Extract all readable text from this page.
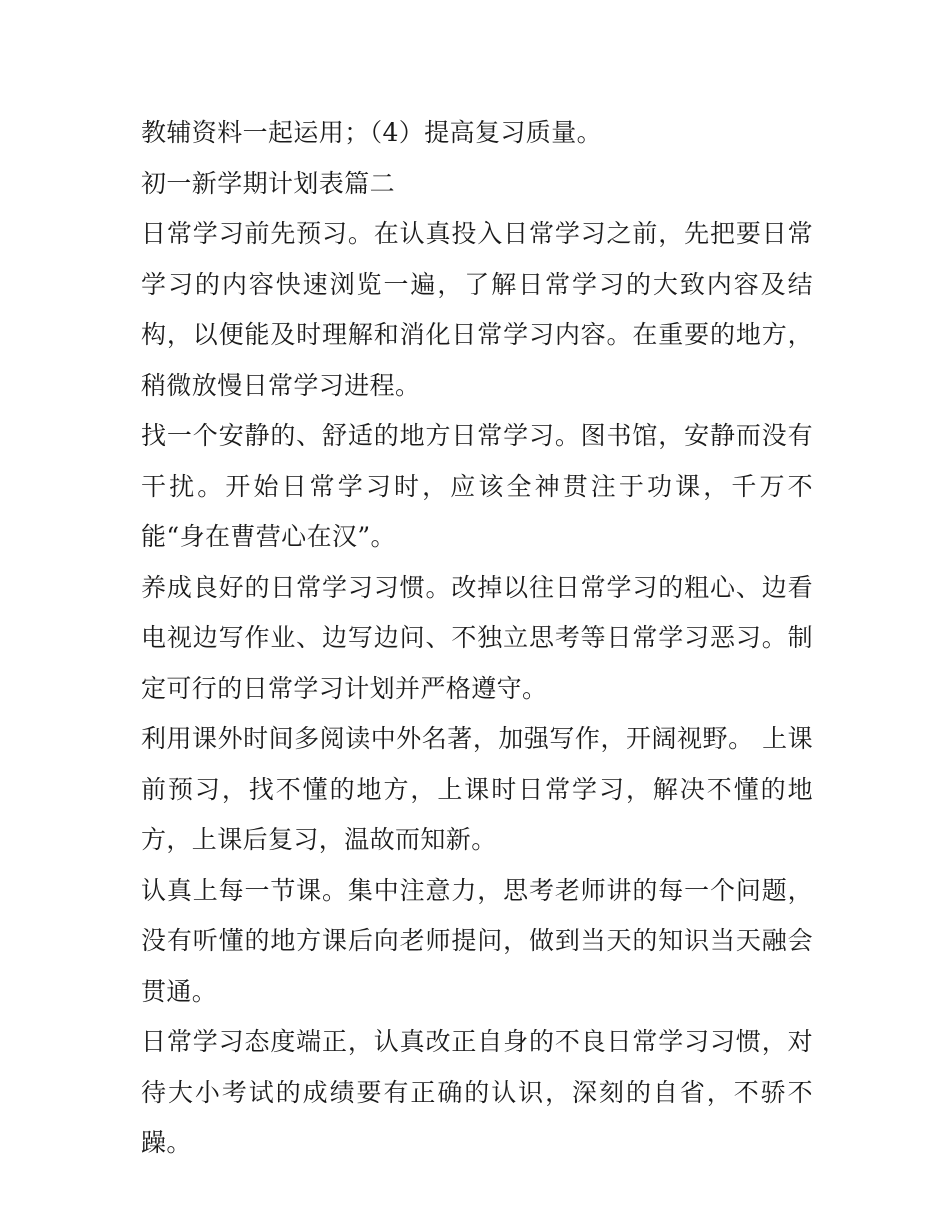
教辅资料一起运用；（4）提高复习质量。

初一新学期计划表篇二

日常学习前先预习。在认真投入日常学习之前，先把要日常学习的内容快速浏览一遍，了解日常学习的大致内容及结构，以便能及时理解和消化日常学习内容。在重要的地方，稍微放慢日常学习进程。

找一个安静的、舒适的地方日常学习。图书馆，安静而没有干扰。开始日常学习时，应该全神贯注于功课，千万不能“身在曹营心在汉”。

养成良好的日常学习习惯。改掉以往日常学习的粗心、边看电视边写作业、边写边问、不独立思考等日常学习恶习。制定可行的日常学习计划并严格遵守。

利用课外时间多阅读中外名著，加强写作，开阔视野。 上课前预习，找不懂的地方，上课时日常学习，解决不懂的地方，上课后复习，温故而知新。

认真上每一节课。集中注意力，思考老师讲的每一个问题，没有听懂的地方课后向老师提问，做到当天的知识当天融会贯通。

日常学习态度端正，认真改正自身的不良日常学习习惯，对待大小考试的成绩要有正确的认识，深刻的自省，不骄不躁。
